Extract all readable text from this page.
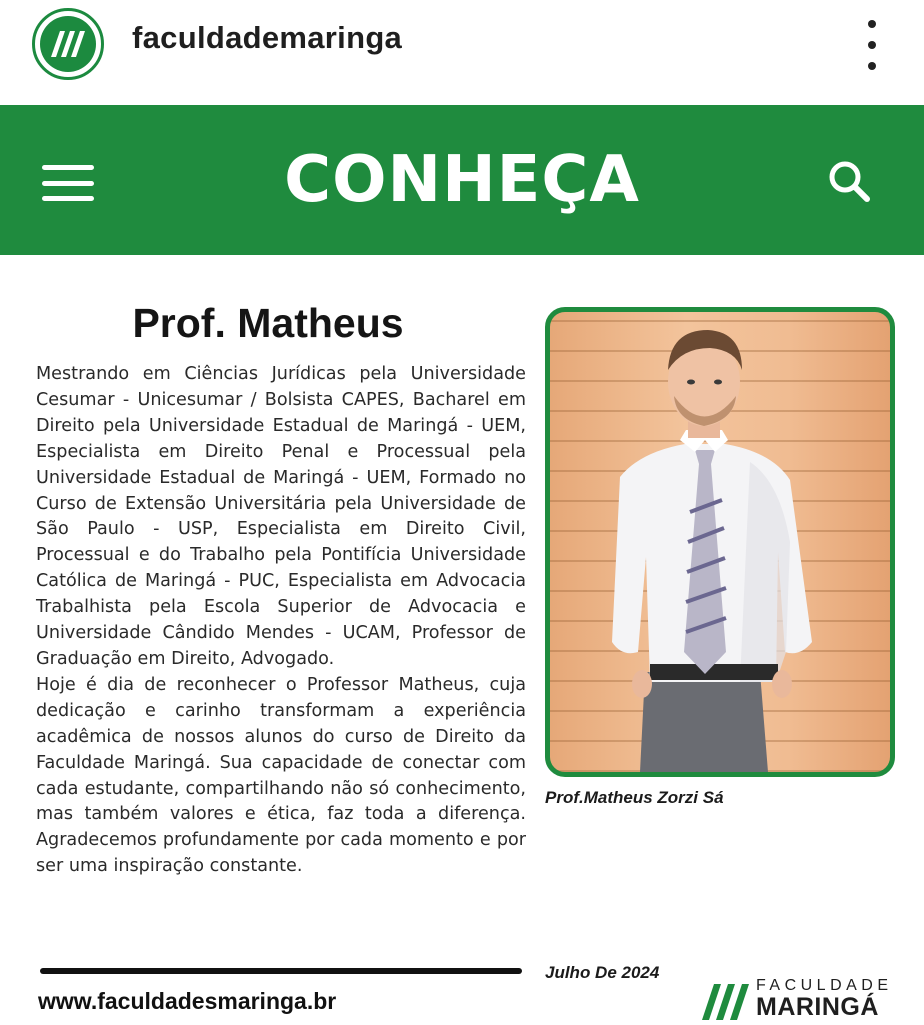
faculdademaringa
CONHEÇA
Prof. Matheus

Mestrando em Ciências Jurídicas pela Universidade Cesumar - Unicesumar / Bolsista CAPES, Bacharel em Direito pela Universidade Estadual de Maringá - UEM, Especialista em Direito Penal e Processual pela Universidade Estadual de Maringá - UEM, Formado no Curso de Extensão Universitária pela Universidade de São Paulo - USP, Especialista em Direito Civil, Processual e do Trabalho pela Pontifícia Universidade Católica de Maringá - PUC, Especialista em Advocacia Trabalhista pela Escola Superior de Advocacia e Universidade Cândido Mendes - UCAM, Professor de Graduação em Direito, Advogado.

Hoje é dia de reconhecer o Professor Matheus, cuja dedicação e carinho transformam a experiência acadêmica de nossos alunos do curso de Direito da Faculdade Maringá. Sua capacidade de conectar com cada estudante, compartilhando não só conhecimento, mas também valores e ética, faz toda a diferença. Agradecemos profundamente por cada momento e por ser uma inspiração constante.

Prof.Matheus Zorzi Sá
Julho De 2024
www.faculdadesmaringa.br
FACULDADE
MARINGÁ
